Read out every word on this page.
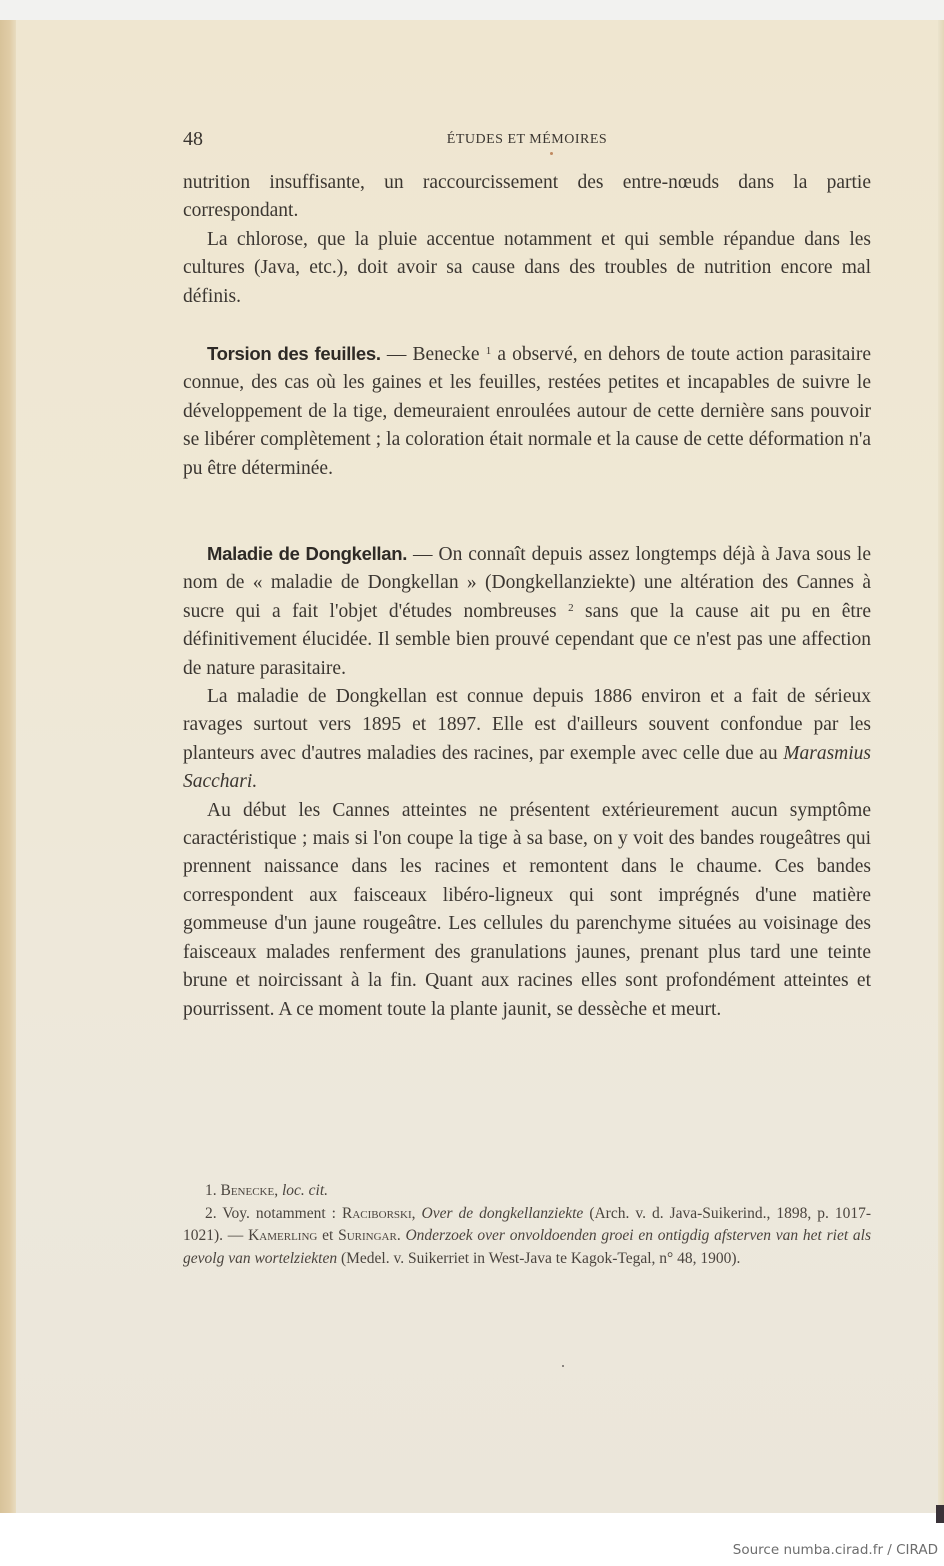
48	ÉTUDES ET MÉMOIRES

nutrition insuffisante, un raccourcissement des entre-nœuds dans la partie correspondant.

La chlorose, que la pluie accentue notamment et qui semble répandue dans les cultures (Java, etc.), doit avoir sa cause dans des troubles de nutrition encore mal définis.

Torsion des feuilles. — Benecke $^1$ a observé, en dehors de toute action parasitaire connue, des cas où les gaines et les feuilles, restées petites et incapables de suivre le développement de la tige, demeuraient enroulées autour de cette dernière sans pouvoir se libérer complètement ; la coloration était normale et la cause de cette déformation n'a pu être déterminée.

Maladie de Dongkellan. — On connaît depuis assez longtemps déjà à Java sous le nom de « maladie de Dongkellan » (Dongkellanziekte) une altération des Cannes à sucre qui a fait l'objet d'études nombreuses $^2$ sans que la cause ait pu en être définitivement élucidée. Il semble bien prouvé cependant que ce n'est pas une affection de nature parasitaire.

La maladie de Dongkellan est connue depuis 1886 environ et a fait de sérieux ravages surtout vers 1895 et 1897. Elle est d'ailleurs souvent confondue par les planteurs avec d'autres maladies des racines, par exemple avec celle due au Marasmius Sacchari.

Au début les Cannes atteintes ne présentent extérieurement aucun symptôme caractéristique ; mais si l'on coupe la tige à sa base, on y voit des bandes rougeâtres qui prennent naissance dans les racines et remontent dans le chaume. Ces bandes correspondent aux faisceaux libéro-ligneux qui sont imprégnés d'une matière gommeuse d'un jaune rougeâtre. Les cellules du parenchyme situées au voisinage des faisceaux malades renferment des granulations jaunes, prenant plus tard une teinte brune et noircissant à la fin. Quant aux racines elles sont profondément atteintes et pourrissent. A ce moment toute la plante jaunit, se dessèche et meurt.

1. Benecke, loc. cit.

2. Voy. notamment : Raciborski, Over de dongkellanziekte (Arch. v. d. Java-Suikerind., 1898, p. 1017-1021). — Kamerling et Suringar. Onderzoek over onvoldoenden groei en ontigdig afsterven van het riet als gevolg van wortelziekten (Medel. v. Suikerriet in West-Java te Kagok-Tegal, n° 48, 1900).

Source numba.cirad.fr / CIRAD
